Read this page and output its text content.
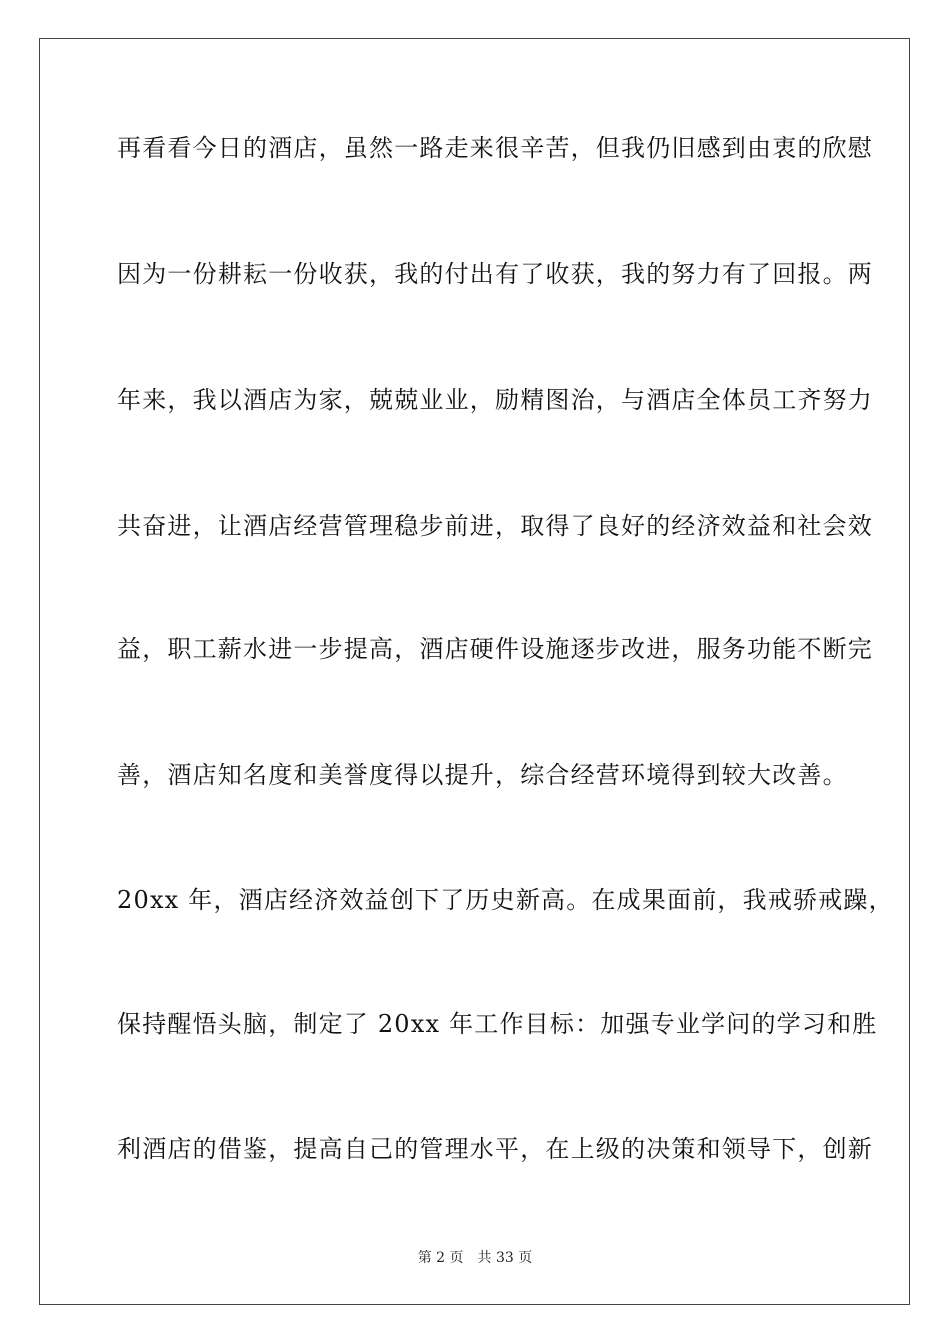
再看看今日的酒店，虽然一路走来很辛苦，但我仍旧感到由衷的欣慰
因为一份耕耘一份收获，我的付出有了收获，我的努力有了回报。两
年来，我以酒店为家，兢兢业业，励精图治，与酒店全体员工齐努力
共奋进，让酒店经营管理稳步前进，取得了良好的经济效益和社会效
益，职工薪水进一步提高，酒店硬件设施逐步改进，服务功能不断完
善，酒店知名度和美誉度得以提升，综合经营环境得到较大改善。
20xx 年，酒店经济效益创下了历史新高。在成果面前，我戒骄戒躁，
保持醒悟头脑，制定了 20xx 年工作目标：加强专业学问的学习和胜
利酒店的借鉴，提高自己的管理水平，在上级的决策和领导下，创新
第 2 页 共 33 页
